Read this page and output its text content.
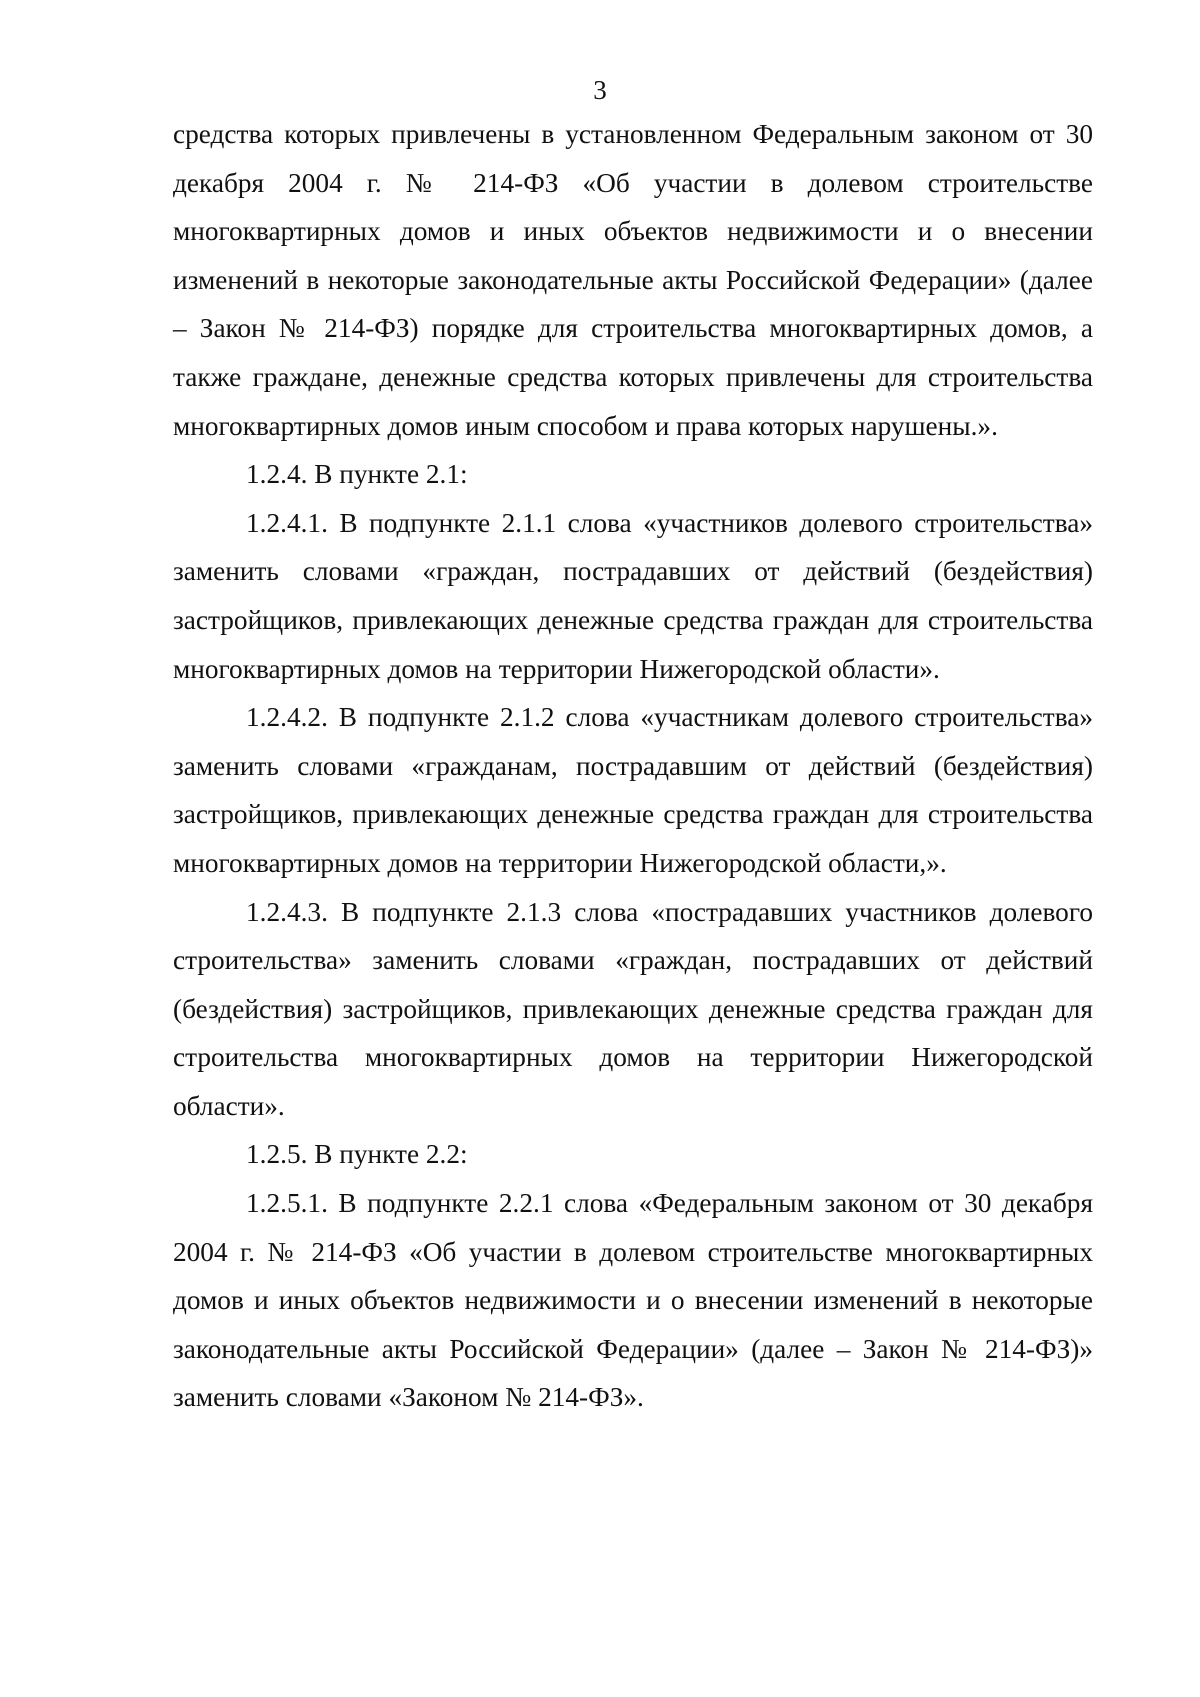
3

средства которых привлечены в установленном Федеральным законом от 30 декабря 2004 г. № 214-ФЗ «Об участии в долевом строительстве многоквартирных домов и иных объектов недвижимости и о внесении изменений в некоторые законодательные акты Российской Федерации» (далее – Закон № 214-ФЗ) порядке для строительства многоквартирных домов, а также граждане, денежные средства которых привлечены для строительства многоквартирных домов иным способом и права которых нарушены.».

1.2.4. В пункте 2.1:

1.2.4.1. В подпункте 2.1.1 слова «участников долевого строительства» заменить словами «граждан, пострадавших от действий (бездействия) застройщиков, привлекающих денежные средства граждан для строительства многоквартирных домов на территории Нижегородской области».

1.2.4.2. В подпункте 2.1.2 слова «участникам долевого строительства» заменить словами «гражданам, пострадавшим от действий (бездействия) застройщиков, привлекающих денежные средства граждан для строительства многоквартирных домов на территории Нижегородской области,».

1.2.4.3. В подпункте 2.1.3 слова «пострадавших участников долевого строительства» заменить словами «граждан, пострадавших от действий (бездействия) застройщиков, привлекающих денежные средства граждан для строительства многоквартирных домов на территории Нижегородской области».

1.2.5. В пункте 2.2:

1.2.5.1. В подпункте 2.2.1 слова «Федеральным законом от 30 декабря 2004 г. № 214-ФЗ «Об участии в долевом строительстве многоквартирных домов и иных объектов недвижимости и о внесении изменений в некоторые законодательные акты Российской Федерации» (далее – Закон № 214-ФЗ)» заменить словами «Законом № 214-ФЗ».
